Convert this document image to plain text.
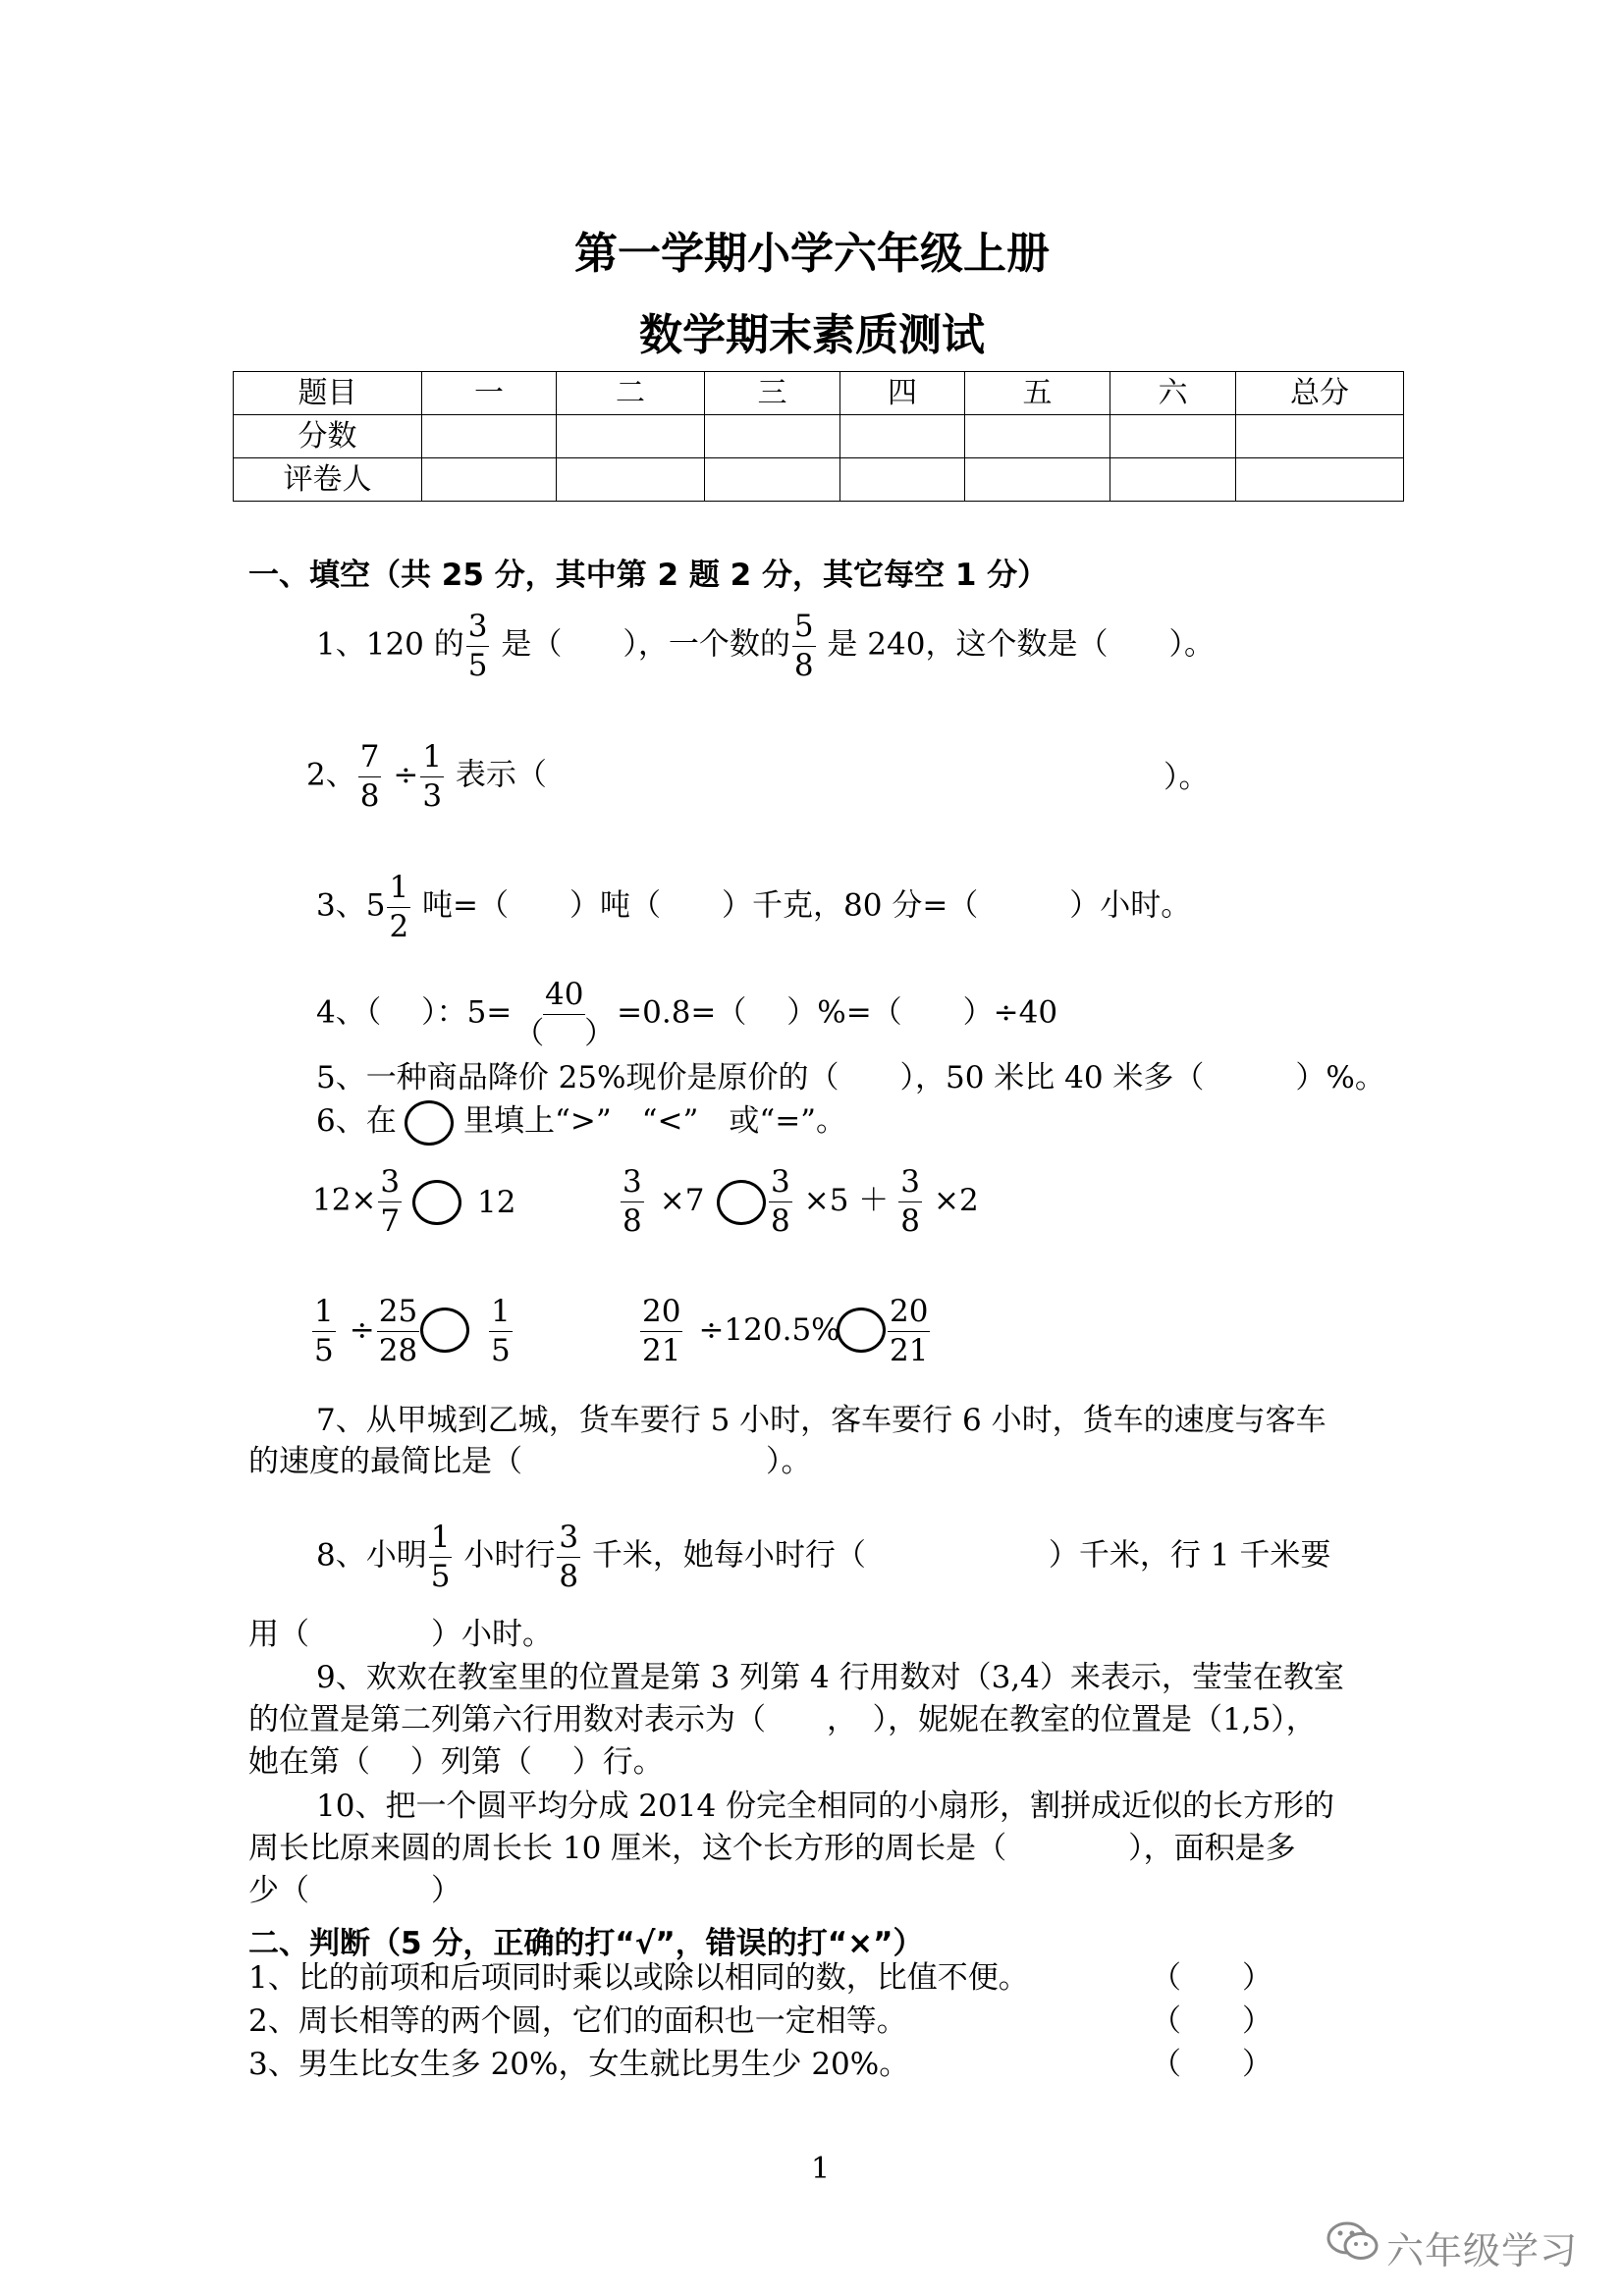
第一学期小学六年级上册
数学期末素质测试
题目	一	二	三	四	五	六	总分
分数							
评卷人							
一、填空（共 25 分，其中第 2 题 2 分，其它每空 1 分）
1、120 的 $\frac{3}{5}$ 是（　　），一个数的 $\frac{5}{8}$ 是 240，这个数是（　　）。
2、 $\frac{7}{8} \div \frac{1}{3}$ 表示（	）。
3、$5 \frac{1}{2}$ 吨=（　　）吨（　　）千克，80 分=（　　　）小时。
4、（　 ）：$5= \frac{40}{( )} =0.8=$（　 ）%=（　　）÷40
5、一种商品降价 25%现价是原价的（　　），50 米比 40 米多（　　　）%。
6、在 里填上“>”　“<”　或“=”。
$12\times \frac{3}{7} 12$	$\frac{3}{8} \times 7 \frac{3}{8} \times 5 + \frac{3}{8} \times 2$
$\frac{1}{5} \div \frac{25}{28} \frac{1}{5}$	$\frac{20}{21} \div 120.5\% \frac{20}{21}$
7、从甲城到乙城，货车要行 5 小时，客车要行 6 小时，货车的速度与客车
的速度的最简比是（　　　　　　　　）。
8、小明 $\frac{1}{5}$ 小时行 $\frac{3}{8}$ 千米，她每小时行（　　　　　　）千米，行 1 千米要
用（　　　　）小时。
9、欢欢在教室里的位置是第 3 列第 4 行用数对（3,4）来表示，莹莹在教室
的位置是第二列第六行用数对表示为（　　，　），妮妮在教室的位置是（1,5），
她在第（　 ）列第（　 ）行。
10、把一个圆平均分成 2014 份完全相同的小扇形，割拼成近似的长方形的
周长比原来圆的周长长 10 厘米，这个长方形的周长是（　　　　），面积是多
少（　　　　）
二、判断（5 分，正确的打“√”，错误的打“×”）
1、比的前项和后项同时乘以或除以相同的数，比值不便。	（　　）
2、周长相等的两个圆，它们的面积也一定相等。	（　　）
3、男生比女生多 20%，女生就比男生少 20%。	（　　）
1
六年级学习
